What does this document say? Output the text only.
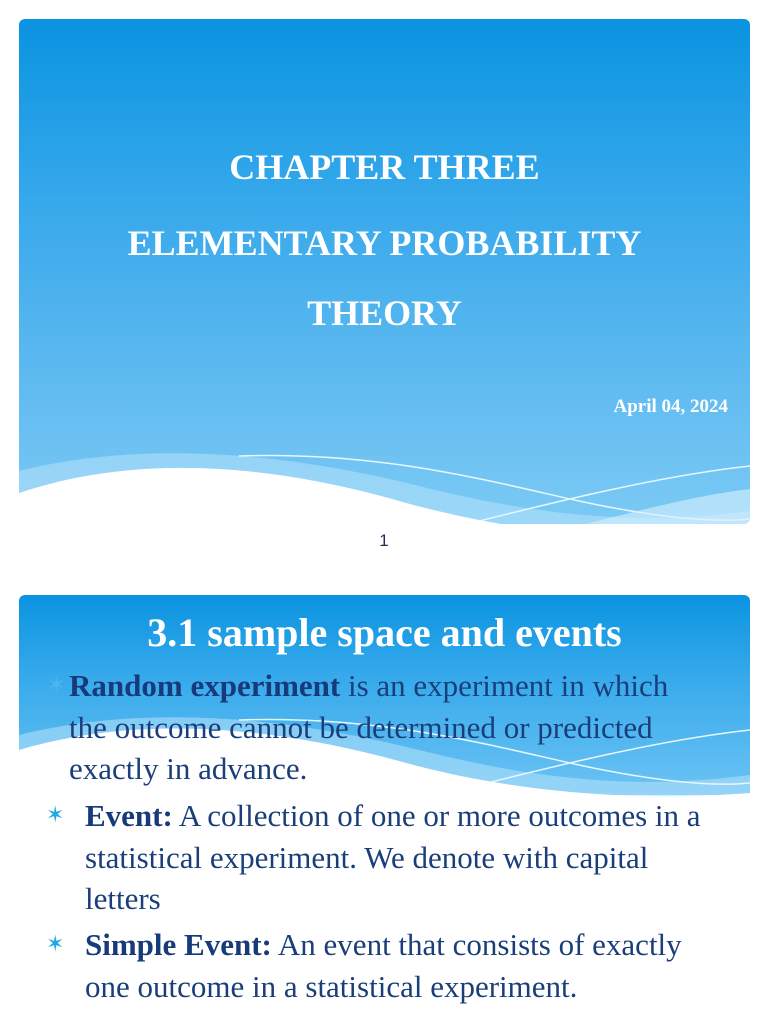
CHAPTER THREE
ELEMENTARY PROBABILITY
THEORY
April 04, 2024
1
3.1 sample space and events
✶ Random experiment is an experiment in which the outcome cannot be determined or predicted exactly in advance.
✶ Event: A collection of one or more outcomes in a statistical experiment. We denote with capital letters
✶ Simple Event: An event that consists of exactly one outcome in a statistical experiment.
